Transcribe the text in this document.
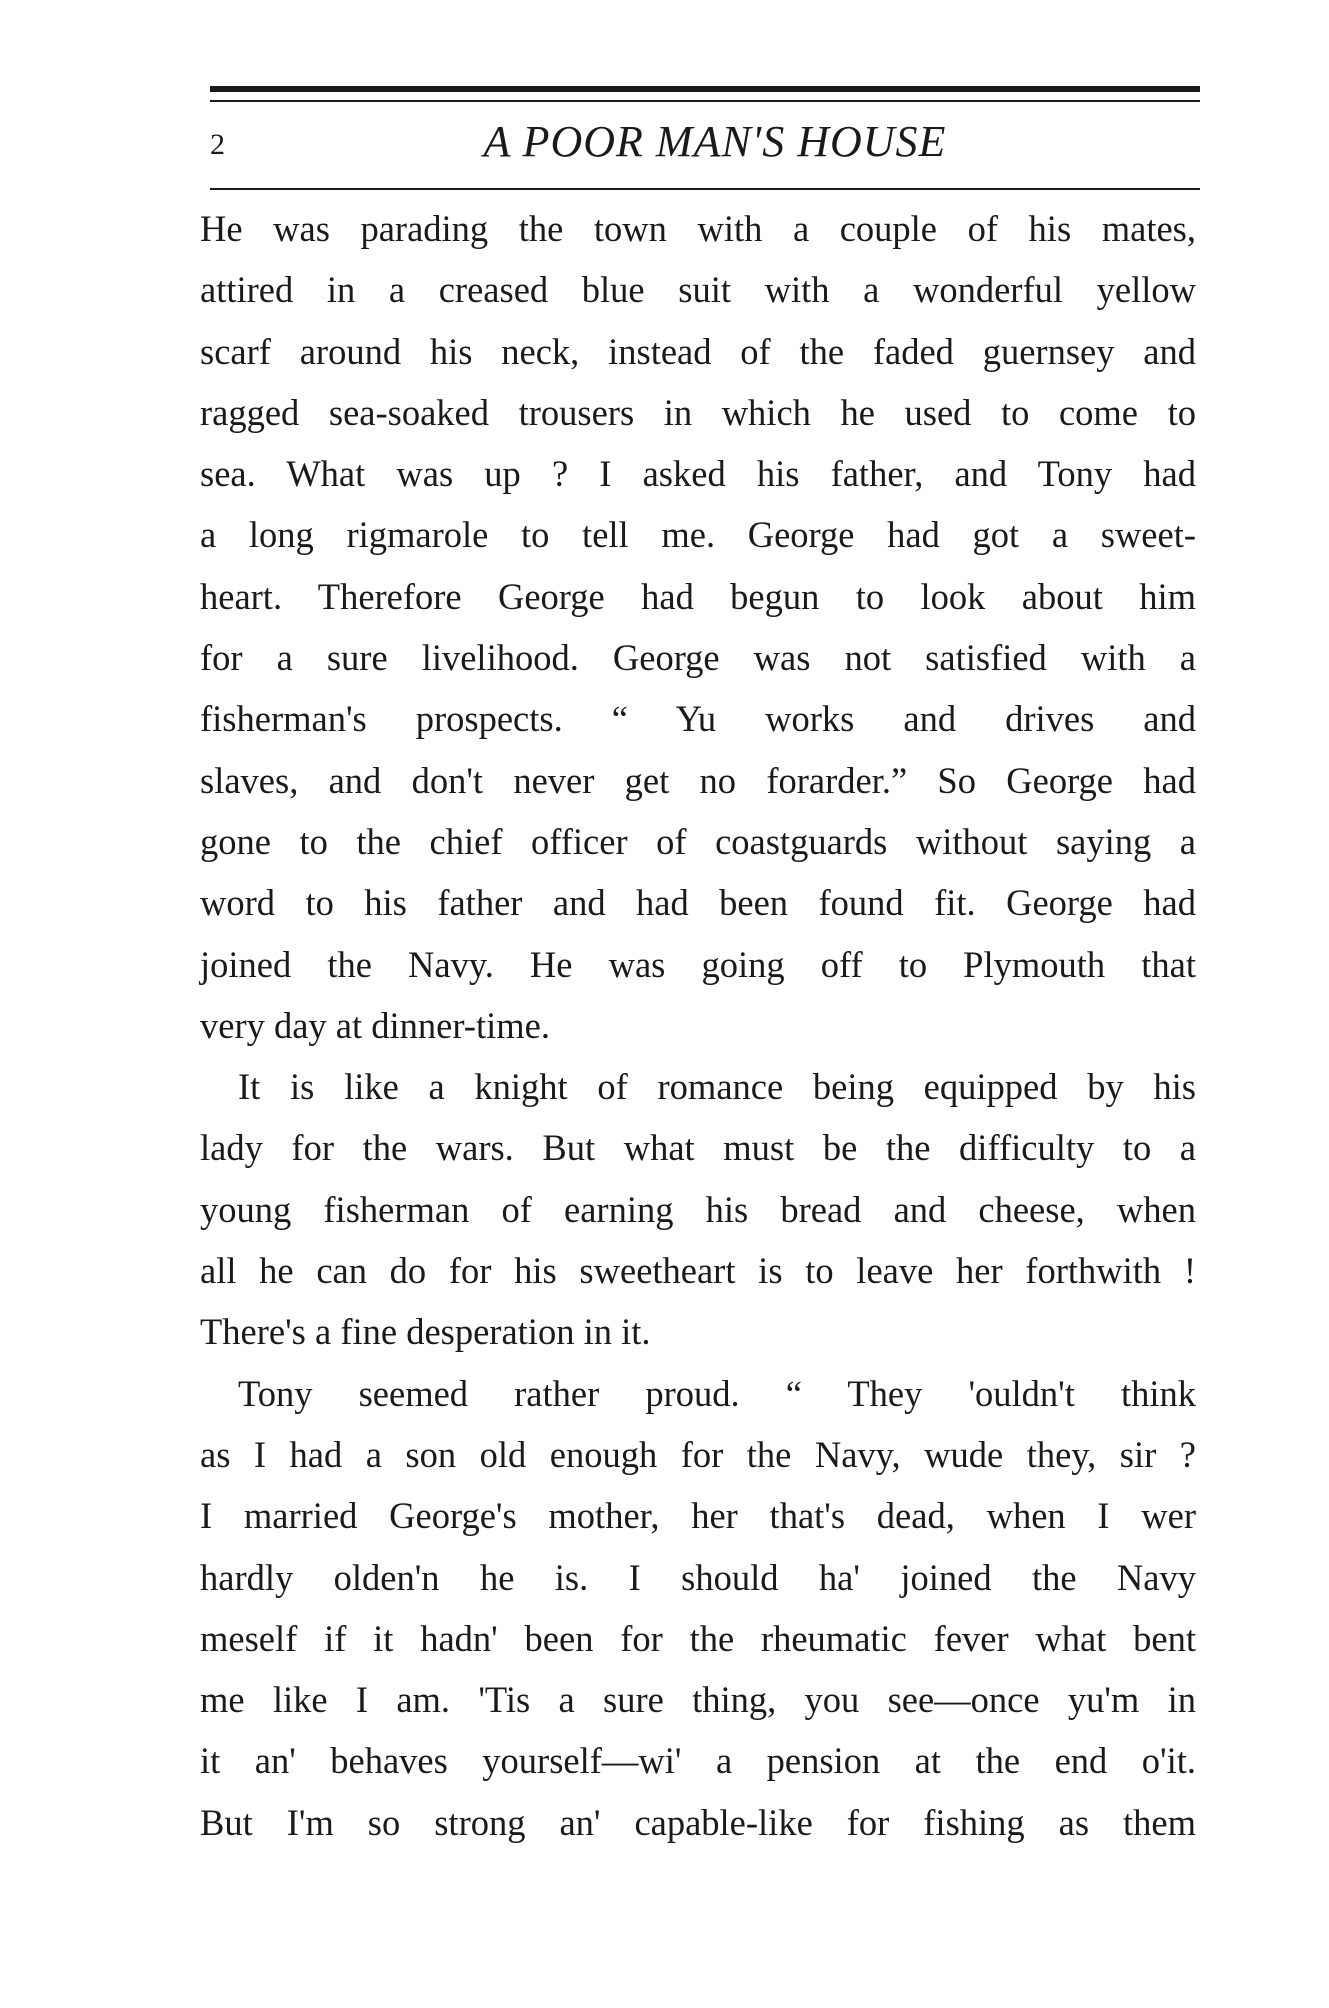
2	A POOR MAN'S HOUSE
He was parading the town with a couple of his mates,
attired in a creased blue suit with a wonderful yellow
scarf around his neck, instead of the faded guernsey and
ragged sea-soaked trousers in which he used to come to
sea. What was up ? I asked his father, and Tony had
a long rigmarole to tell me. George had got a sweet-
heart. Therefore George had begun to look about him
for a sure livelihood. George was not satisfied with a
fisherman's prospects. “ Yu works and drives and
slaves, and don't never get no forarder.” So George had
gone to the chief officer of coastguards without saying a
word to his father and had been found fit. George had
joined the Navy. He was going off to Plymouth that
very day at dinner-time.
It is like a knight of romance being equipped by his
lady for the wars. But what must be the difficulty to a
young fisherman of earning his bread and cheese, when
all he can do for his sweetheart is to leave her forthwith !
There's a fine desperation in it.
Tony seemed rather proud. “ They 'ouldn't think
as I had a son old enough for the Navy, wude they, sir ?
I married George's mother, her that's dead, when I wer
hardly olden'n he is. I should ha' joined the Navy
meself if it hadn' been for the rheumatic fever what bent
me like I am. 'Tis a sure thing, you see—once yu'm in
it an' behaves yourself—wi' a pension at the end o'it.
But I'm so strong an' capable-like for fishing as them
